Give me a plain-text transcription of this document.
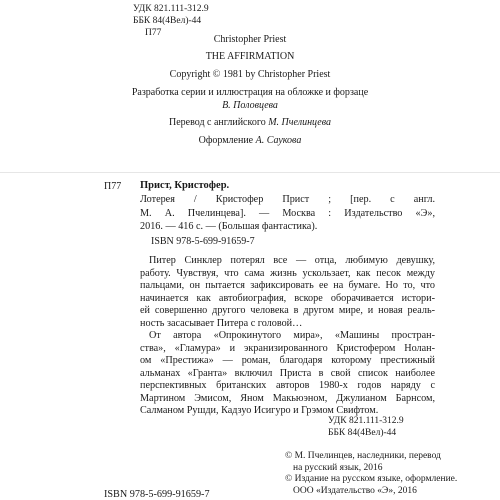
УДК 821.111-312.9
ББК 84(4Вел)-44
П77
Christopher Priest
THE AFFIRMATION
Copyright © 1981 by Christopher Priest
Разработка серии и иллюстрация на обложке и форзаце
В. Половцева
Перевод с английского М. Пчелинцева
Оформление А. Саукова
П77 Прист, Кристофер.

Лотерея / Кристофер Прист ; [пер. с англ.

М. А. Пчелинцева]. — Москва : Издательство «Э»,

2016. — 416 с. — (Большая фантастика).

ISBN 978-5-699-91659-7
Питер Синклер потерял все — отца, любимую девушку,
работу. Чувствуя, что сама жизнь ускользает, как песок между
пальцами, он пытается зафиксировать ее на бумаге. Но то, что
начинается как автобиография, вскоре оборачивается истори-
ей совершенно другого человека в другом мире, и новая реаль-
ность засасывает Питера с головой…
От автора «Опрокинутого мира», «Машины простран-
ства», «Гламура» и экранизированного Кристофером Нолан-
ом «Престижа» — роман, благодаря которому престижный
альманах «Гранта» включил Приста в свой список наиболее
перспективных британских авторов 1980-х годов наряду с
Мартином Эмисом, Яном Макьюэном, Джулианом Барнсом,
Салманом Рушди, Кадзуо Исигуро и Грэмом Свифтом.
УДК 821.111-312.9
ББК 84(4Вел)-44
ISBN 978-5-699-91659-7
© М. Пчелинцев, наследники, перевод
на русский язык, 2016
© Издание на русском языке, оформление.
ООО «Издательство «Э», 2016
